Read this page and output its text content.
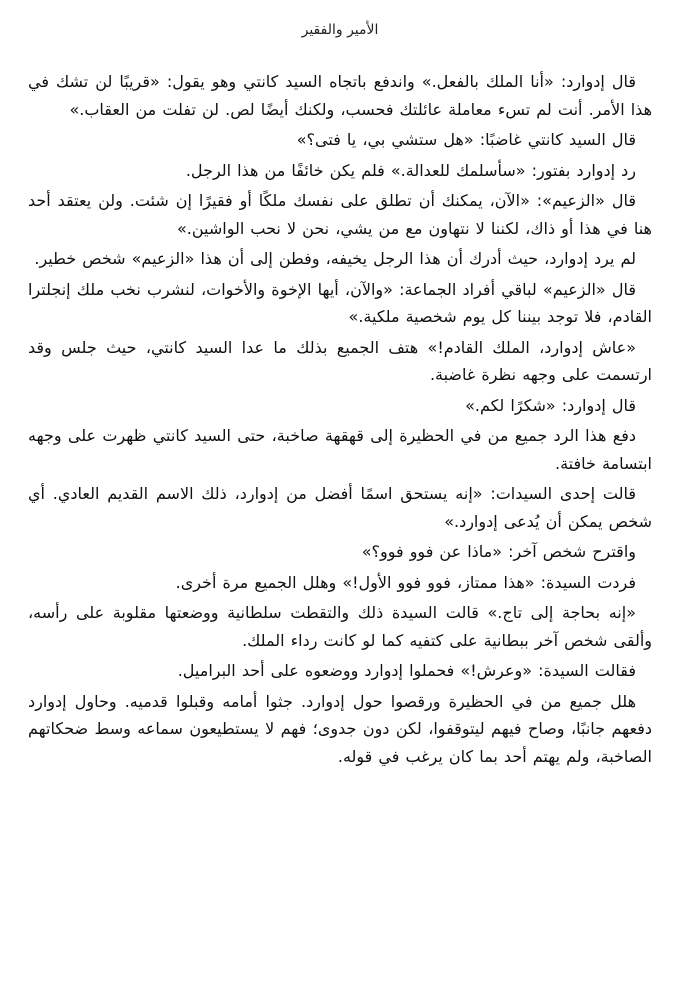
الأمير والفقير

قال إدوارد: «أنا الملك بالفعل.» واندفع باتجاه السيد كانتي وهو يقول: «قريبًا لن تشك في هذا الأمر. أنت لم تسء معاملة عائلتك فحسب، ولكنك أيضًا لص. لن تفلت من العقاب.»

قال السيد كانتي غاضبًا: «هل ستشي بي، يا فتى؟»

رد إدوارد بفتور: «سأسلمك للعدالة.» فلم يكن خائفًا من هذا الرجل.

قال «الزعيم»: «الآن، يمكنك أن تطلق على نفسك ملكًا أو فقيرًا إن شئت. ولن يعتقد أحد هنا في هذا أو ذاك، لكننا لا نتهاون مع من يشي، نحن لا نحب الواشين.»

لم يرد إدوارد، حيث أدرك أن هذا الرجل يخيفه، وفطن إلى أن هذا «الزعيم» شخص خطير.

قال «الزعيم» لباقي أفراد الجماعة: «والآن، أيها الإخوة والأخوات، لنشرب نخب ملك إنجلترا القادم، فلا توجد بيننا كل يوم شخصية ملكية.»

«عاش إدوارد، الملك القادم!» هتف الجميع بذلك ما عدا السيد كانتي، حيث جلس وقد ارتسمت على وجهه نظرة غاضبة.

قال إدوارد: «شكرًا لكم.»

دفع هذا الرد جميع من في الحظيرة إلى قهقهة صاخبة، حتى السيد كانتي ظهرت على وجهه ابتسامة خافتة.

قالت إحدى السيدات: «إنه يستحق اسمًا أفضل من إدوارد، ذلك الاسم القديم العادي. أي شخص يمكن أن يُدعى إدوارد.»

واقترح شخص آخر: «ماذا عن فوو فوو؟»

فردت السيدة: «هذا ممتاز، فوو فوو الأول!» وهلل الجميع مرة أخرى.

«إنه بحاجة إلى تاج.» قالت السيدة ذلك والتقطت سلطانية ووضعتها مقلوبة على رأسه، وألقى شخص آخر ببطانية على كتفيه كما لو كانت رداء الملك.

فقالت السيدة: «وعرش!» فحملوا إدوارد ووضعوه على أحد البراميل.

هلل جميع من في الحظيرة ورقصوا حول إدوارد. جثوا أمامه وقبلوا قدميه. وحاول إدوارد دفعهم جانبًا، وصاح فيهم ليتوقفوا، لكن دون جدوى؛ فهم لا يستطيعون سماعه وسط ضحكاتهم الصاخبة، ولم يهتم أحد بما كان يرغب في قوله.
